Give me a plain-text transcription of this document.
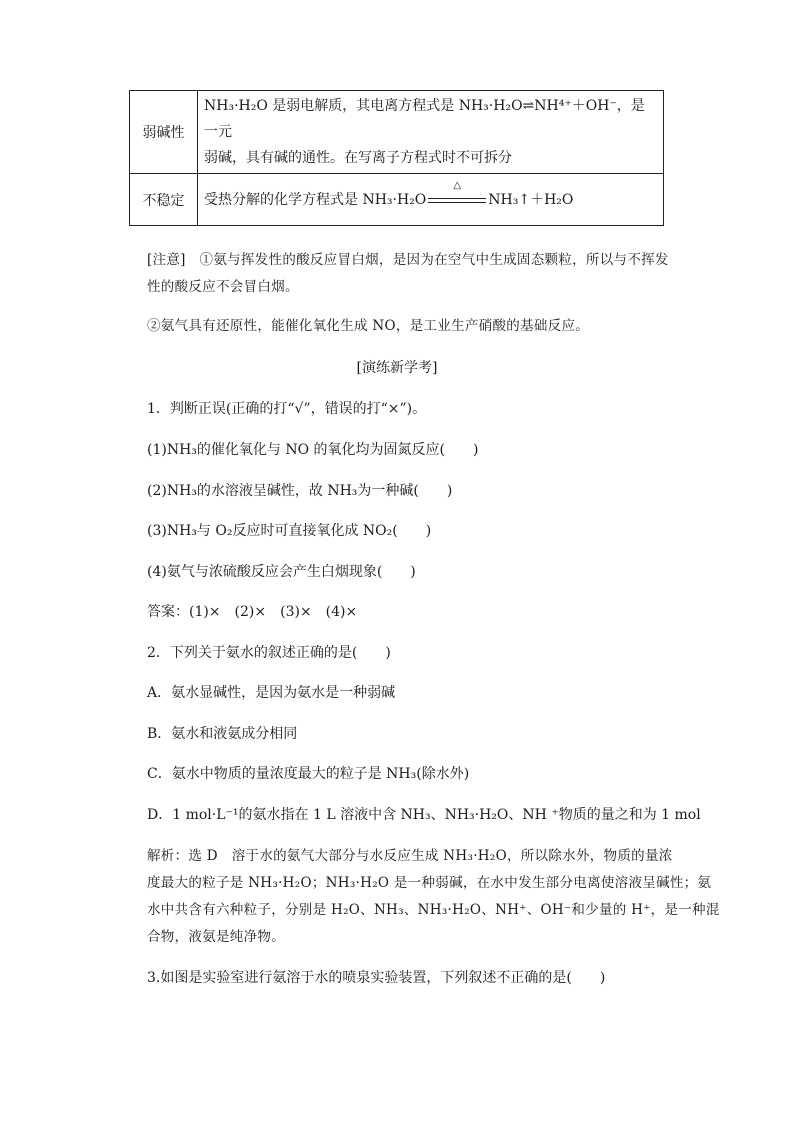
弱碱性	NH₃·H₂O 是弱电解质，其电离方程式是 NH₃·H₂O⇌NH⁴⁺＋OH⁻，是一元
弱碱，具有碱的通性。在写离子方程式时不可拆分

不稳定	受热分解的化学方程式是 NH₃·H₂O
△
NH₃↑＋H₂O
[注意]　①氨与挥发性的酸反应冒白烟，是因为在空气中生成固态颗粒，所以与不挥发
性的酸反应不会冒白烟。
②氨气具有还原性，能催化氧化生成 NO，是工业生产硝酸的基础反应。
[演练新学考]
1．判断正误(正确的打“√”，错误的打“×”)。
(1)NH₃的催化氧化与 NO 的氧化均为固氮反应(　　)
(2)NH₃的水溶液呈碱性，故 NH₃为一种碱(　　)
(3)NH₃与 O₂反应时可直接氧化成 NO₂(　　)
(4)氨气与浓硫酸反应会产生白烟现象(　　)
答案：(1)×　(2)×　(3)×　(4)×
2．下列关于氨水的叙述正确的是(　　)
A．氨水显碱性，是因为氨水是一种弱碱
B．氨水和液氨成分相同
C．氨水中物质的量浓度最大的粒子是 NH₃(除水外)
D．1 mol·L⁻¹的氨水指在 1 L 溶液中含 NH₃、NH₃·H₂O、NH ⁺物质的量之和为 1 mol
解析：选 D　溶于水的氨气大部分与水反应生成 NH₃·H₂O，所以除水外，物质的量浓
度最大的粒子是 NH₃·H₂O；NH₃·H₂O 是一种弱碱，在水中发生部分电离使溶液呈碱性；氨
水中共含有六种粒子，分别是 H₂O、NH₃、NH₃·H₂O、NH⁺、OH⁻和少量的 H⁺，是一种混
合物，液氨是纯净物。
3.如图是实验室进行氨溶于水的喷泉实验装置，下列叙述不正确的是(　　)
